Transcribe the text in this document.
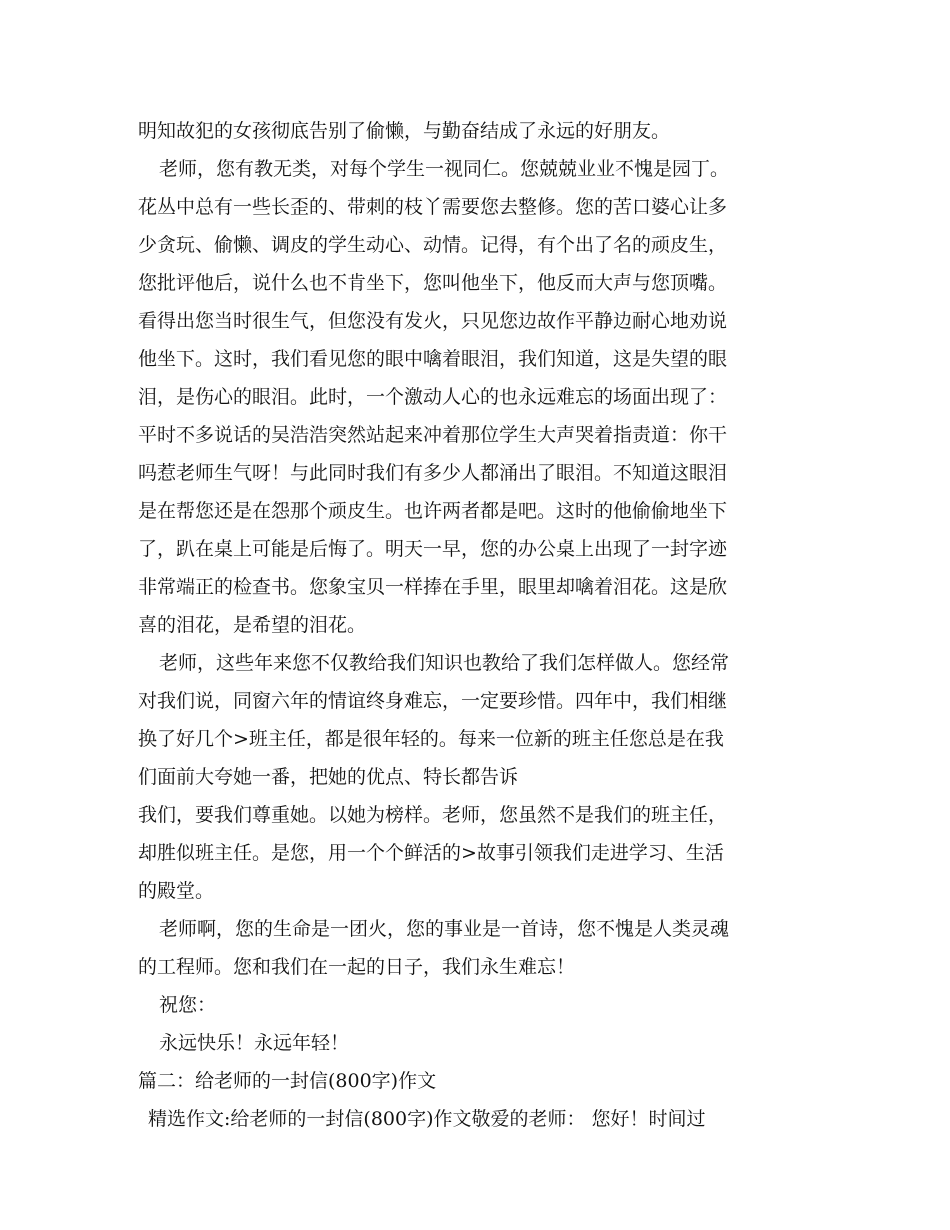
明知故犯的女孩彻底告别了偷懒，与勤奋结成了永远的好朋友。
老师，您有教无类，对每个学生一视同仁。您兢兢业业不愧是园丁。
花丛中总有一些长歪的、带刺的枝丫需要您去整修。您的苦口婆心让多
少贪玩、偷懒、调皮的学生动心、动情。记得，有个出了名的顽皮生，
您批评他后，说什么也不肯坐下，您叫他坐下，他反而大声与您顶嘴。
看得出您当时很生气，但您没有发火，只见您边故作平静边耐心地劝说
他坐下。这时，我们看见您的眼中噙着眼泪，我们知道，这是失望的眼
泪，是伤心的眼泪。此时，一个激动人心的也永远难忘的场面出现了：
平时不多说话的吴浩浩突然站起来冲着那位学生大声哭着指责道：你干
吗惹老师生气呀！与此同时我们有多少人都涌出了眼泪。不知道这眼泪
是在帮您还是在怨那个顽皮生。也许两者都是吧。这时的他偷偷地坐下
了，趴在桌上可能是后悔了。明天一早，您的办公桌上出现了一封字迹
非常端正的检查书。您象宝贝一样捧在手里，眼里却噙着泪花。这是欣
喜的泪花，是希望的泪花。
老师，这些年来您不仅教给我们知识也教给了我们怎样做人。您经常
对我们说，同窗六年的情谊终身难忘，一定要珍惜。四年中，我们相继
换了好几个>班主任，都是很年轻的。每来一位新的班主任您总是在我
们面前大夸她一番，把她的优点、特长都告诉
我们，要我们尊重她。以她为榜样。老师，您虽然不是我们的班主任，
却胜似班主任。是您，用一个个鲜活的>故事引领我们走进学习、生活
的殿堂。
老师啊，您的生命是一团火，您的事业是一首诗，您不愧是人类灵魂
的工程师。您和我们在一起的日子，我们永生难忘！
祝您：
永远快乐！永远年轻！
篇二：给老师的一封信(800字)作文
精选作文:给老师的一封信(800字)作文敬爱的老师： 您好！时间过
